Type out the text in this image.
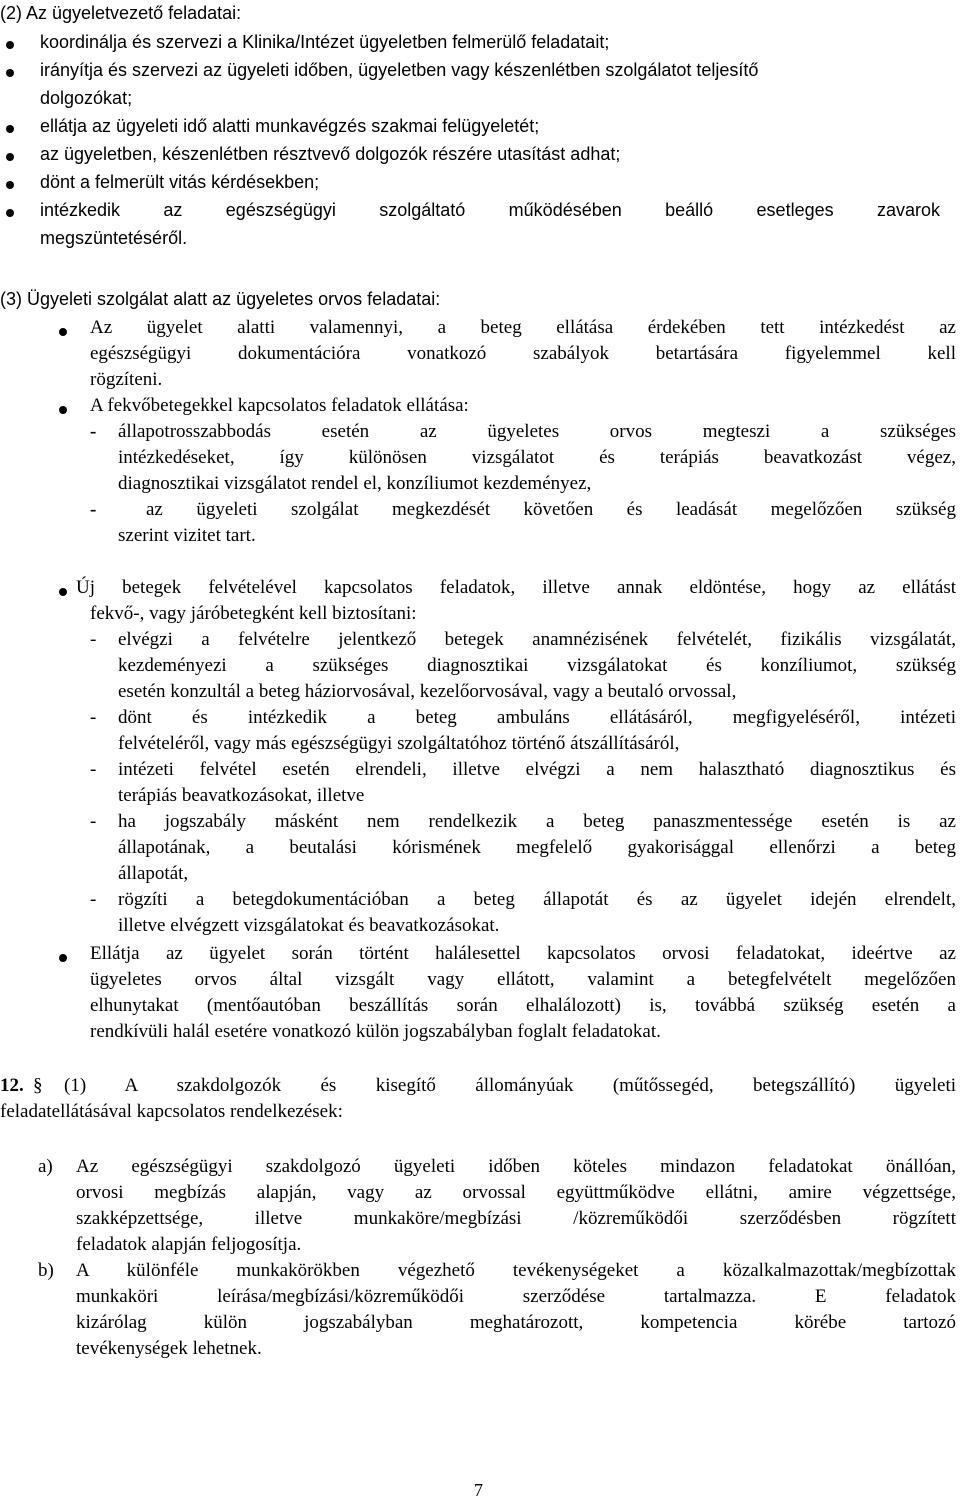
(2) Az ügyeletvezető feladatai:
koordinálja és szervezi a Klinika/Intézet ügyeletben felmerülő feladatait;
irányítja és szervezi az ügyeleti időben, ügyeletben vagy készenlétben szolgálatot teljesítő
dolgozókat;
ellátja az ügyeleti idő alatti munkavégzés szakmai felügyeletét;
az ügyeletben, készenlétben résztvevő dolgozók részére utasítást adhat;
dönt a felmerült vitás kérdésekben;
intézkedik az egészségügyi szolgáltató működésében beálló esetleges zavarok
megszüntetéséről.
(3) Ügyeleti szolgálat alatt az ügyeletes orvos feladatai:
Az ügyelet alatti valamennyi, a beteg ellátása érdekében tett intézkedést az
egészségügyi dokumentációra vonatkozó szabályok betartására figyelemmel kell
rögzíteni.
A fekvőbetegekkel kapcsolatos feladatok ellátása:
- állapotrosszabbodás esetén az ügyeletes orvos megteszi a szükséges
intézkedéseket, így különösen vizsgálatot és terápiás beavatkozást végez,
diagnosztikai vizsgálatot rendel el, konzíliumot kezdeményez,
-	az ügyeleti szolgálat megkezdését követően és leadását megelőzően szükség
szerint vizitet tart.
Új betegek felvételével kapcsolatos feladatok, illetve annak eldöntése, hogy az ellátást
fekvő-, vagy járóbetegként kell biztosítani:
- elvégzi a felvételre jelentkező betegek anamnézisének felvételét, fizikális vizsgálatát,
kezdeményezi a szükséges diagnosztikai vizsgálatokat és konzíliumot, szükség
esetén konzultál a beteg háziorvosával, kezelőorvosával, vagy a beutaló orvossal,
- dönt és intézkedik a beteg ambuláns ellátásáról, megfigyeléséről, intézeti
felvételéről, vagy más egészségügyi szolgáltatóhoz történő átszállításáról,
- intézeti felvétel esetén elrendeli, illetve elvégzi a nem halasztható diagnosztikus és
terápiás beavatkozásokat, illetve
- ha jogszabály másként nem rendelkezik a beteg panaszmentessége esetén is az
állapotának, a beutalási kórismének megfelelő gyakorisággal ellenőrzi a beteg
állapotát,
- rögzíti a betegdokumentációban a beteg állapotát és az ügyelet idején elrendelt,
illetve elvégzett vizsgálatokat és beavatkozásokat.
Ellátja az ügyelet során történt halálesettel kapcsolatos orvosi feladatokat, ideértve az
ügyeletes orvos által vizsgált vagy ellátott, valamint a betegfelvételt megelőzően
elhunytakat (mentőautóban beszállítás során elhalálozott) is, továbbá szükség esetén a
rendkívüli halál esetére vonatkozó külön jogszabályban foglalt feladatokat.
12. § (1) A szakdolgozók és kisegítő állományúak (műtőssegéd, betegszállító) ügyeleti
feladatellátásával kapcsolatos rendelkezések:
a) Az egészségügyi szakdolgozó ügyeleti időben köteles mindazon feladatokat önállóan,
orvosi megbízás alapján, vagy az orvossal együttműködve ellátni, amire végzettsége,
szakképzettsége, illetve munkaköre/megbízási /közreműködői szerződésben rögzített
feladatok alapján feljogosítja.
b) A különféle munkakörökben végezhető tevékenységeket a közalkalmazottak/megbízottak
munkaköri leírása/megbízási/közreműködői szerződése tartalmazza. E feladatok
kizárólag külön jogszabályban meghatározott, kompetencia körébe tartozó
tevékenységek lehetnek.
7
